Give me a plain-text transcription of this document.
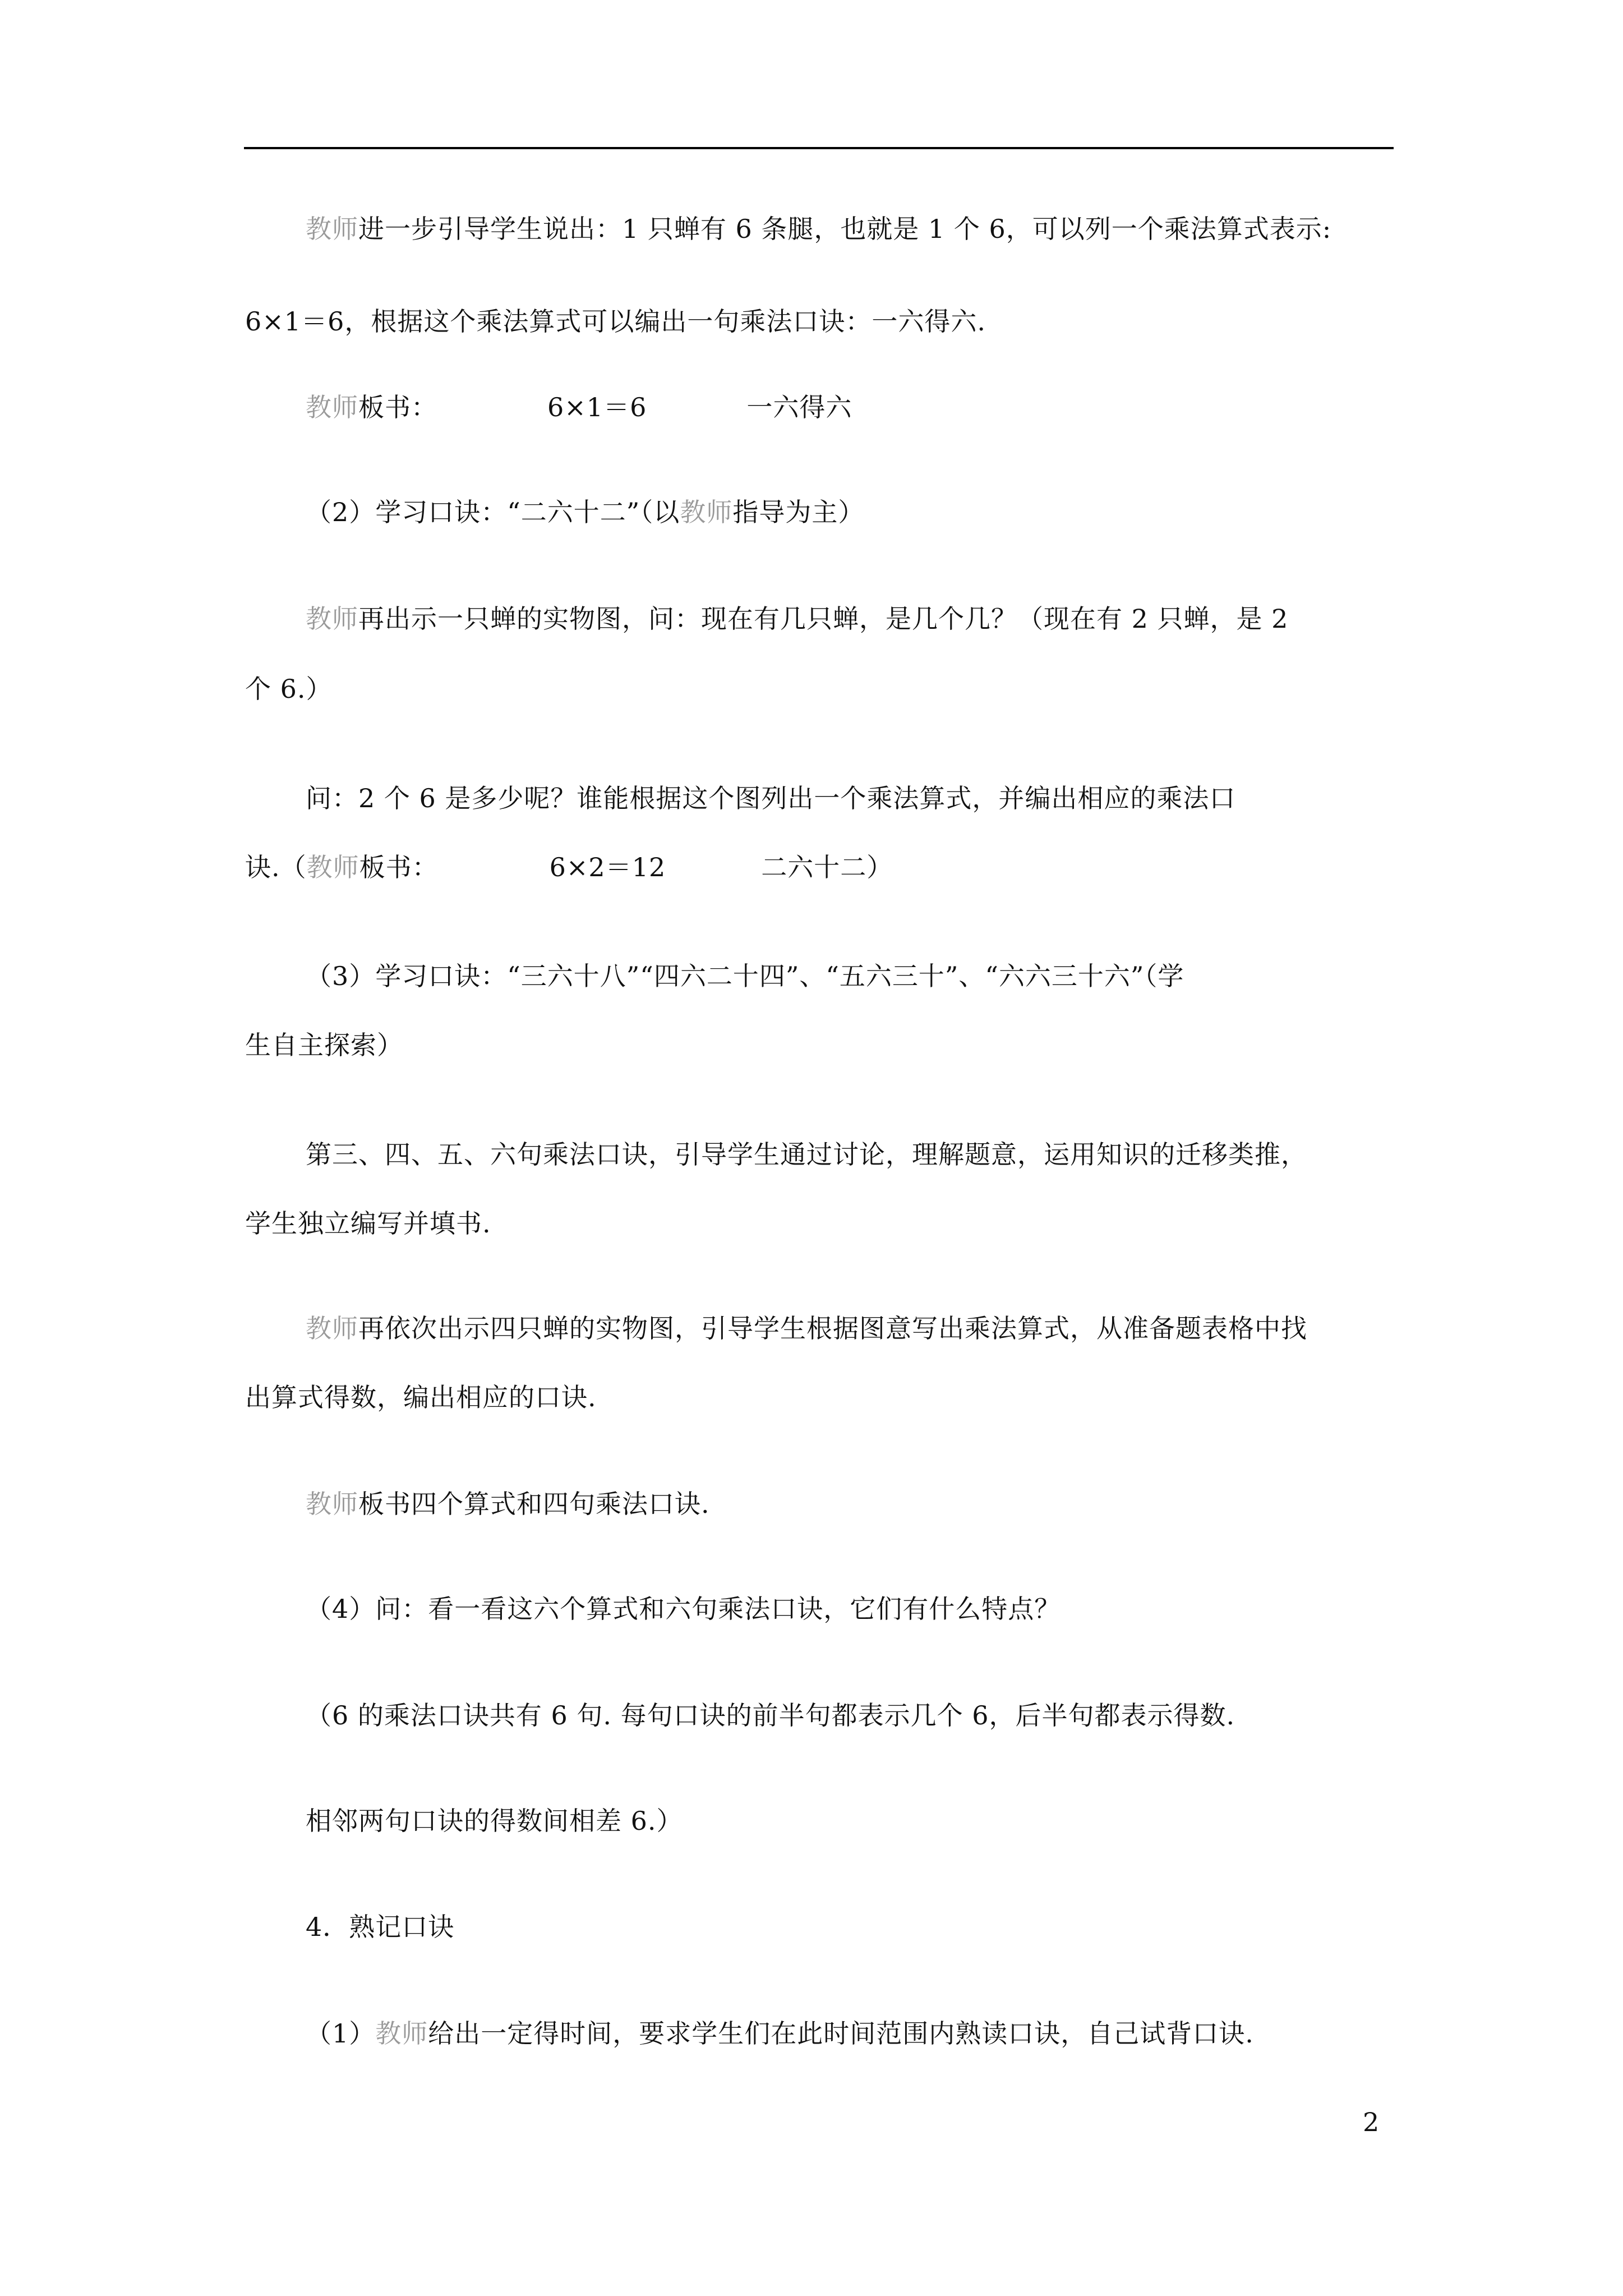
教师进一步引导学生说出：1 只蝉有 6 条腿，也就是 1 个 6，可以列一个乘法算式表示:
6×1＝6，根据这个乘法算式可以编出一句乘法口诀：一六得六.
教师板书：	6×1＝6	一六得六
（2）学习口诀：“二六十二”（以教师指导为主）
教师再出示一只蝉的实物图，问：现在有几只蝉，是几个几？（现在有 2 只蝉，是 2
个 6.）
问：2 个 6 是多少呢？谁能根据这个图列出一个乘法算式，并编出相应的乘法口
诀.（教师板书：	6×2＝12	二六十二）
（3）学习口诀：“三六十八”“四六二十四”、“五六三十”、“六六三十六”（学
生自主探索）
第三、四、五、六句乘法口诀，引导学生通过讨论，理解题意，运用知识的迁移类推，
学生独立编写并填书.
教师再依次出示四只蝉的实物图，引导学生根据图意写出乘法算式，从准备题表格中找
出算式得数，编出相应的口诀.
教师板书四个算式和四句乘法口诀.
（4）问：看一看这六个算式和六句乘法口诀，它们有什么特点？
（6 的乘法口诀共有 6 句. 每句口诀的前半句都表示几个 6，后半句都表示得数.
相邻两句口诀的得数间相差 6.）
4．熟记口诀
（1）教师给出一定得时间，要求学生们在此时间范围内熟读口诀，自己试背口诀.
2
